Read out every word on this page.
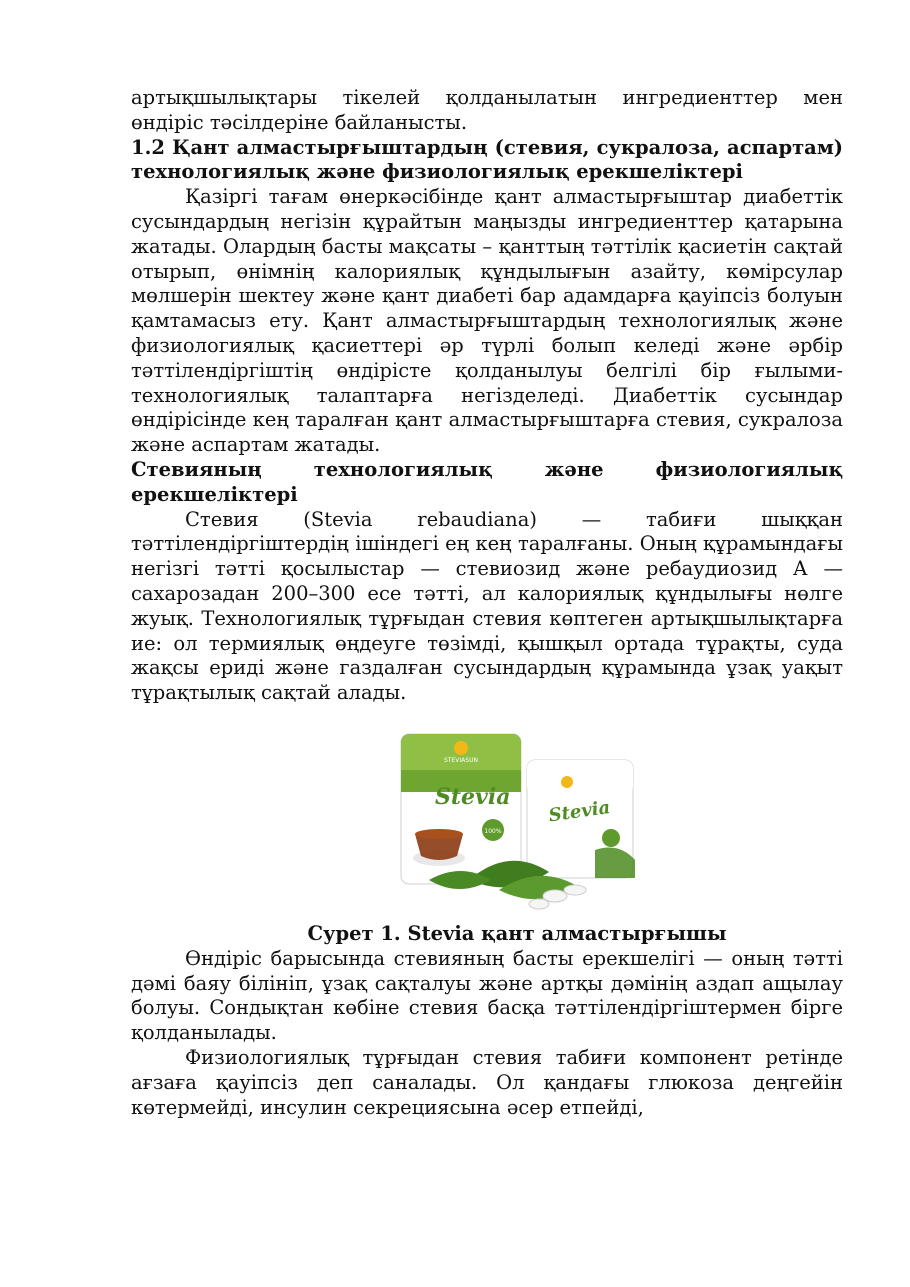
артықшылықтары тікелей қолданылатын ингредиенттер мен өндіріс тәсілдеріне байланысты.

1.2 Қант алмастырғыштардың (стевия, сукралоза, аспартам) технологиялық және физиологиялық ерекшеліктері

Қазіргі тағам өнеркәсібінде қант алмастырғыштар диабеттік сусындардың негізін құрайтын маңызды ингредиенттер қатарына жатады. Олардың басты мақсаты – қанттың тәттілік қасиетін сақтай отырып, өнімнің калориялық құндылығын азайту, көмірсулар мөлшерін шектеу және қант диабеті бар адамдарға қауіпсіз болуын қамтамасыз ету. Қант алмастырғыштардың технологиялық және физиологиялық қасиеттері әр түрлі болып келеді және әрбір тәттілендіргіштің өндірісте қолданылуы белгілі бір ғылыми-технологиялық талаптарға негізделеді. Диабеттік сусындар өндірісінде кең таралған қант алмастырғыштарға стевия, сукралоза және аспартам жатады.

Стевияның технологиялық және физиологиялық ерекшеліктері

Стевия (Stevia rebaudiana) — табиғи шыққан тәттілендіргіштердің ішіндегі ең кең таралғаны. Оның құрамындағы негізгі тәтті қосылыстар — стевиозид және ребаудиозид А — сахарозадан 200–300 есе тәтті, ал калориялық құндылығы нөлге жуық. Технологиялық тұрғыдан стевия көптеген артықшылықтарға ие: ол термиялық өңдеуге төзімді, қышқыл ортада тұрақты, суда жақсы ериді және газдалған сусындардың құрамында ұзақ уақыт тұрақтылық сақтай алады.

STEVIASUN
Stevia
100%
Stevia

Сурет 1. Stevia қант алмастырғышы

Өндіріс барысында стевияның басты ерекшелігі — оның тәтті дәмі баяу білініп, ұзақ сақталуы және артқы дәмінің аздап ащылау болуы. Сондықтан көбіне стевия басқа тәттілендіргіштермен бірге қолданылады.

Физиологиялық тұрғыдан стевия табиғи компонент ретінде ағзаға қауіпсіз деп саналады. Ол қандағы глюкоза деңгейін көтермейді, инсулин секрециясына әсер етпейді,
